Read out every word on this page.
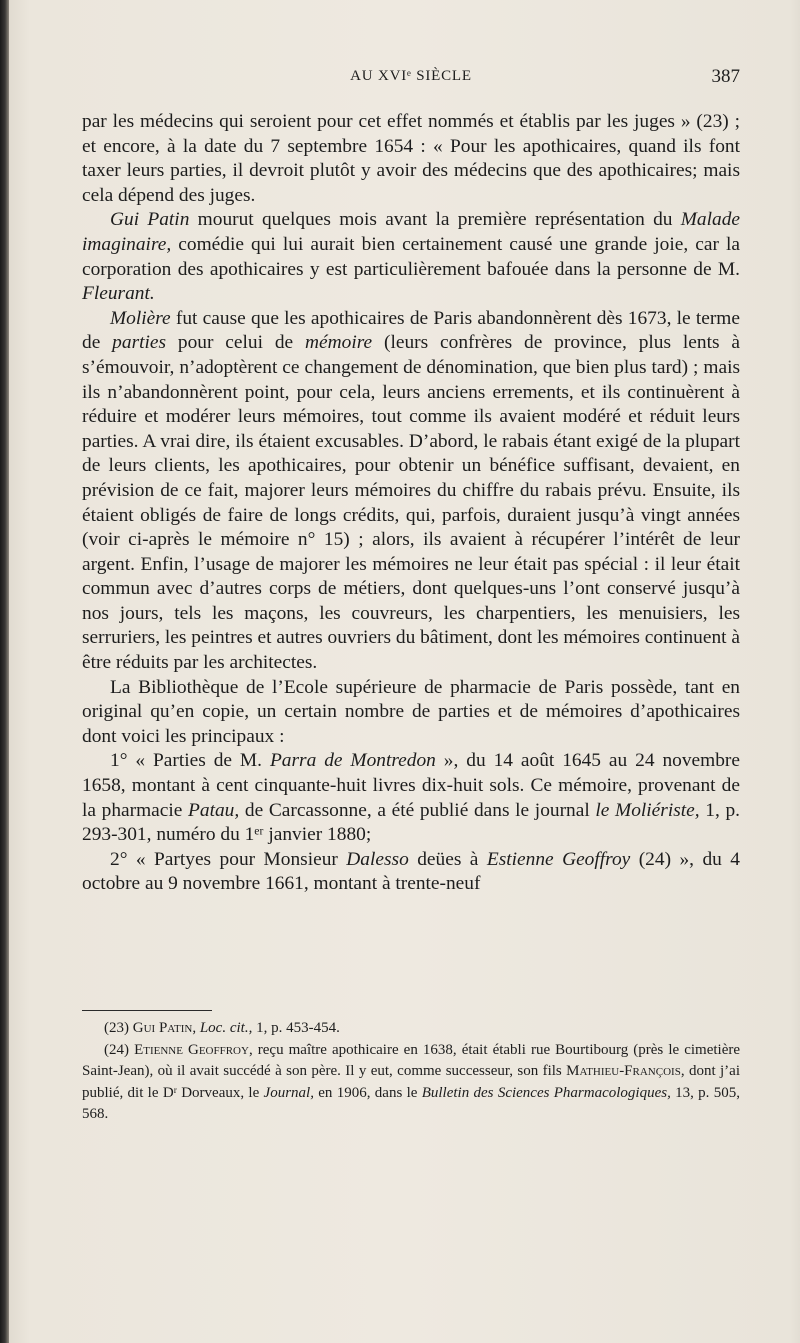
AU XVIᵉ SIÈCLE	387

par les médecins qui seroient pour cet effet nommés et établis par les juges » (23) ; et encore, à la date du 7 septembre 1654 : « Pour les apothicaires, quand ils font taxer leurs parties, il devroit plutôt y avoir des médecins que des apothicaires; mais cela dépend des juges.

Gui Patin mourut quelques mois avant la première représentation du Malade imaginaire, comédie qui lui aurait bien certainement causé une grande joie, car la corporation des apothicaires y est particulièrement bafouée dans la personne de M. Fleurant.

Molière fut cause que les apothicaires de Paris abandonnèrent dès 1673, le terme de parties pour celui de mémoire (leurs confrères de province, plus lents à s’émouvoir, n’adoptèrent ce changement de dénomination, que bien plus tard) ; mais ils n’abandonnèrent point, pour cela, leurs anciens errements, et ils continuèrent à réduire et modérer leurs mémoires, tout comme ils avaient modéré et réduit leurs parties. A vrai dire, ils étaient excusables. D’abord, le rabais étant exigé de la plupart de leurs clients, les apothicaires, pour obtenir un bénéfice suffisant, devaient, en prévision de ce fait, majorer leurs mémoires du chiffre du rabais prévu. Ensuite, ils étaient obligés de faire de longs crédits, qui, parfois, duraient jusqu’à vingt années (voir ci-après le mémoire n° 15) ; alors, ils avaient à récupérer l’intérêt de leur argent. Enfin, l’usage de majorer les mémoires ne leur était pas spécial : il leur était commun avec d’autres corps de métiers, dont quelques-uns l’ont conservé jusqu’à nos jours, tels les maçons, les couvreurs, les charpentiers, les menuisiers, les serruriers, les peintres et autres ouvriers du bâtiment, dont les mémoires continuent à être réduits par les architectes.

La Bibliothèque de l’Ecole supérieure de pharmacie de Paris possède, tant en original qu’en copie, un certain nombre de parties et de mémoires d’apothicaires dont voici les principaux :

1° « Parties de M. Parra de Montredon », du 14 août 1645 au 24 novembre 1658, montant à cent cinquante-huit livres dix-huit sols. Ce mémoire, provenant de la pharmacie Patau, de Carcassonne, a été publié dans le journal le Moliériste, 1, p. 293-301, numéro du 1ᵉʳ janvier 1880;

2° « Partyes pour Monsieur Dalesso deües à Estienne Geoffroy (24) », du 4 octobre au 9 novembre 1661, montant à trente-neuf

(23) Gui Patin, Loc. cit., 1, p. 453-454.

(24) Etienne Geoffroy, reçu maître apothicaire en 1638, était établi rue Bourtibourg (près le cimetière Saint-Jean), où il avait succédé à son père. Il y eut, comme successeur, son fils Mathieu-François, dont j’ai publié, dit le Dʳ Dorveaux, le Journal, en 1906, dans le Bulletin des Sciences Pharmacologiques, 13, p. 505, 568.
